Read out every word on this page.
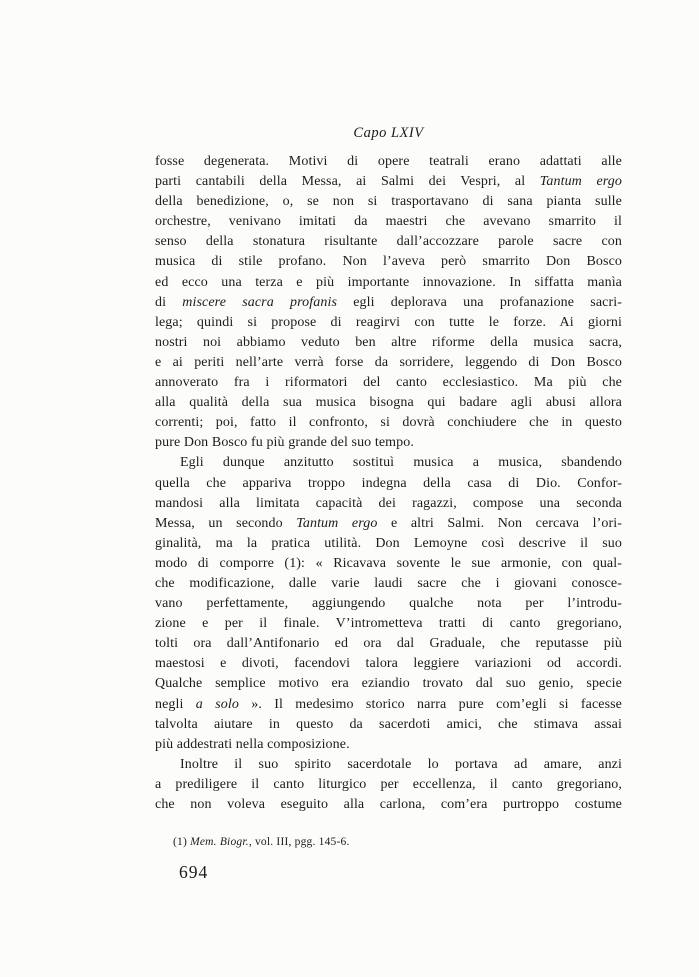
Capo LXIV
fosse degenerata. Motivi di opere teatrali erano adattati alle
parti cantabili della Messa, ai Salmi dei Vespri, al Tantum ergo
della benedizione, o, se non si trasportavano di sana pianta sulle
orchestre, venivano imitati da maestri che avevano smarrito il
senso della stonatura risultante dall’accozzare parole sacre con
musica di stile profano. Non l’aveva però smarrito Don Bosco
ed ecco una terza e più importante innovazione. In siffatta manìa
di miscere sacra profanis egli deplorava una profanazione sacri-
lega; quindi si propose di reagirvi con tutte le forze. Ai giorni
nostri noi abbiamo veduto ben altre riforme della musica sacra,
e ai periti nell’arte verrà forse da sorridere, leggendo di Don Bosco
annoverato fra i riformatori del canto ecclesiastico. Ma più che
alla qualità della sua musica bisogna qui badare agli abusi allora
correnti; poi, fatto il confronto, si dovrà conchiudere che in questo
pure Don Bosco fu più grande del suo tempo.
Egli dunque anzitutto sostituì musica a musica, sbandendo
quella che appariva troppo indegna della casa di Dio. Confor-
mandosi alla limitata capacità dei ragazzi, compose una seconda
Messa, un secondo Tantum ergo e altri Salmi. Non cercava l’ori-
ginalità, ma la pratica utilità. Don Lemoyne così descrive il suo
modo di comporre (1): « Ricavava sovente le sue armonie, con qual-
che modificazione, dalle varie laudi sacre che i giovani conosce-
vano perfettamente, aggiungendo qualche nota per l’introdu-
zione e per il finale. V’intrometteva tratti di canto gregoriano,
tolti ora dall’Antifonario ed ora dal Graduale, che reputasse più
maestosi e divoti, facendovi talora leggiere variazioni od accordi.
Qualche semplice motivo era eziandio trovato dal suo genio, specie
negli a solo ». Il medesimo storico narra pure com’egli si facesse
talvolta aiutare in questo da sacerdoti amici, che stimava assai
più addestrati nella composizione.
Inoltre il suo spirito sacerdotale lo portava ad amare, anzi
a prediligere il canto liturgico per eccellenza, il canto gregoriano,
che non voleva eseguito alla carlona, com’era purtroppo costume
(1) Mem. Biogr., vol. III, pgg. 145-6.
694
